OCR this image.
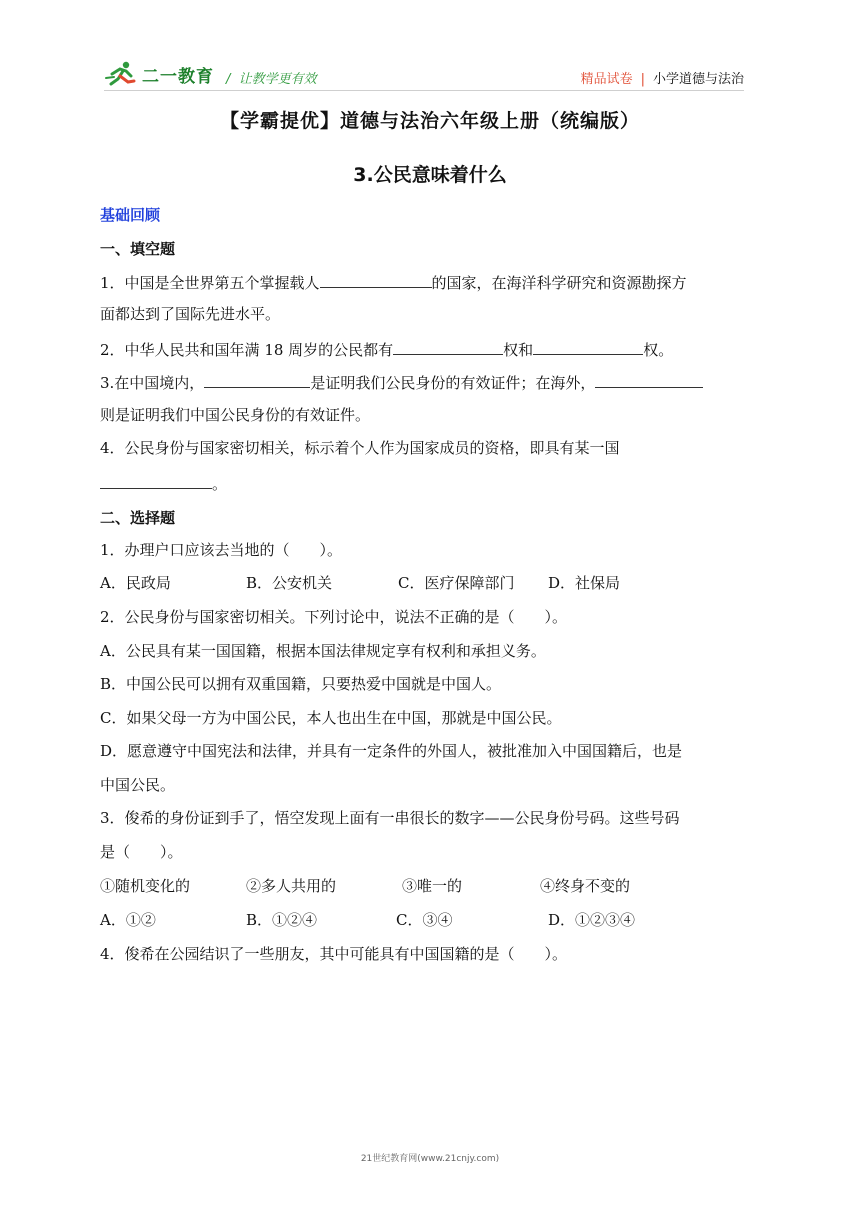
二一教育 / 让教学更有效	精品试卷 | 小学道德与法治
【学霸提优】道德与法治六年级上册（统编版）
3.公民意味着什么
基础回顾
一、填空题
1．中国是全世界第五个掌握载人	的国家，在海洋科学研究和资源勘探方
面都达到了国际先进水平。
2．中华人民共和国年满 18 周岁的公民都有	权和	权。
3.在中国境内，	是证明我们公民身份的有效证件；在海外，
则是证明我们中国公民身份的有效证件。
4．公民身份与国家密切相关，标示着个人作为国家成员的资格，即具有某一国
。
二、选择题
1．办理户口应该去当地的（　　）。
A．民政局	B．公安机关	C．医疗保障部门 D．社保局
2．公民身份与国家密切相关。下列讨论中，说法不正确的是（　　）。
A．公民具有某一国国籍，根据本国法律规定享有权利和承担义务。
B．中国公民可以拥有双重国籍，只要热爱中国就是中国人。
C．如果父母一方为中国公民，本人也出生在中国，那就是中国公民。
D．愿意遵守中国宪法和法律，并具有一定条件的外国人，被批准加入中国国籍后，也是
中国公民。
3．俊希的身份证到手了，悟空发现上面有一串很长的数字——公民身份号码。这些号码
是（　　）。
①随机变化的	②多人共用的	③唯一的	④终身不变的
A．①②	B．①②④	C．③④	D．①②③④
4．俊希在公园结识了一些朋友，其中可能具有中国国籍的是（　　）。
21世纪教育网(www.21cnjy.com)
